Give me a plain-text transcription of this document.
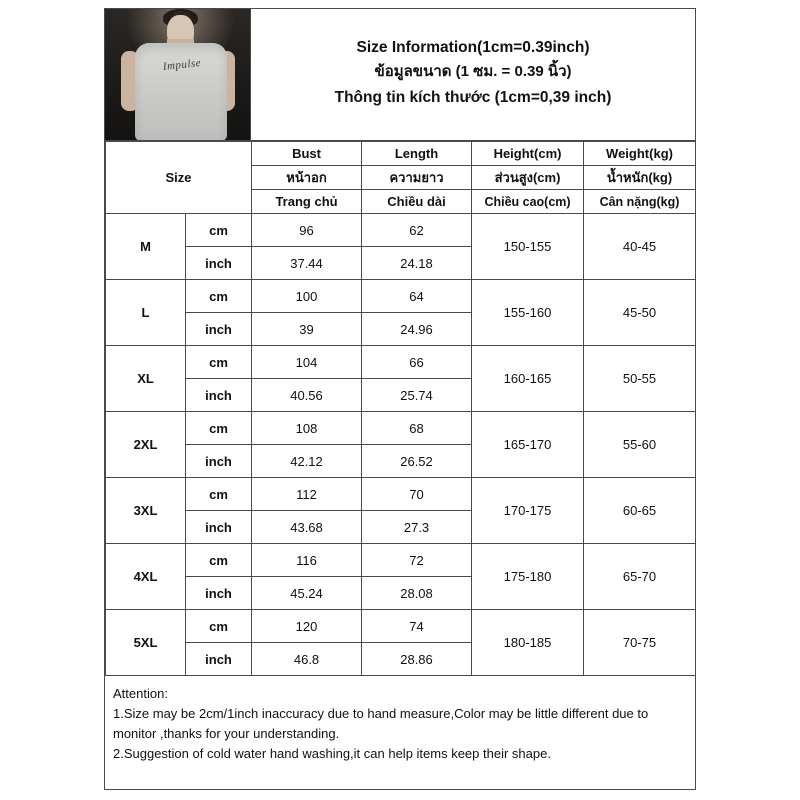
Impulse
Size Information(1cm=0.39inch)
ข้อมูลขนาด (1 ซม. = 0.39 นิ้ว)
Thông tin kích thước (1cm=0,39 inch)
Size		Bust	Length	Height(cm)	Weight(kg)
		หน้าอก	ความยาว	ส่วนสูง(cm)	น้ำหนัก(kg)
		Trang chủ	Chiều dài	Chiều cao(cm)	Cân nặng(kg)
M	cm	96	62	150-155	40-45
	inch	37.44	24.18		
L	cm	100	64	155-160	45-50
	inch	39	24.96		
XL	cm	104	66	160-165	50-55
	inch	40.56	25.74		
2XL	cm	108	68	165-170	55-60
	inch	42.12	26.52		
3XL	cm	112	70	170-175	60-65
	inch	43.68	27.3		
4XL	cm	116	72	175-180	65-70
	inch	45.24	28.08		
5XL	cm	120	74	180-185	70-75
	inch	46.8	28.86		
Attention:
1.Size may be 2cm/1inch inaccuracy due to hand measure,Color may be little different due to monitor ,thanks for your understanding.
2.Suggestion of cold water hand washing,it can help items keep their shape.
